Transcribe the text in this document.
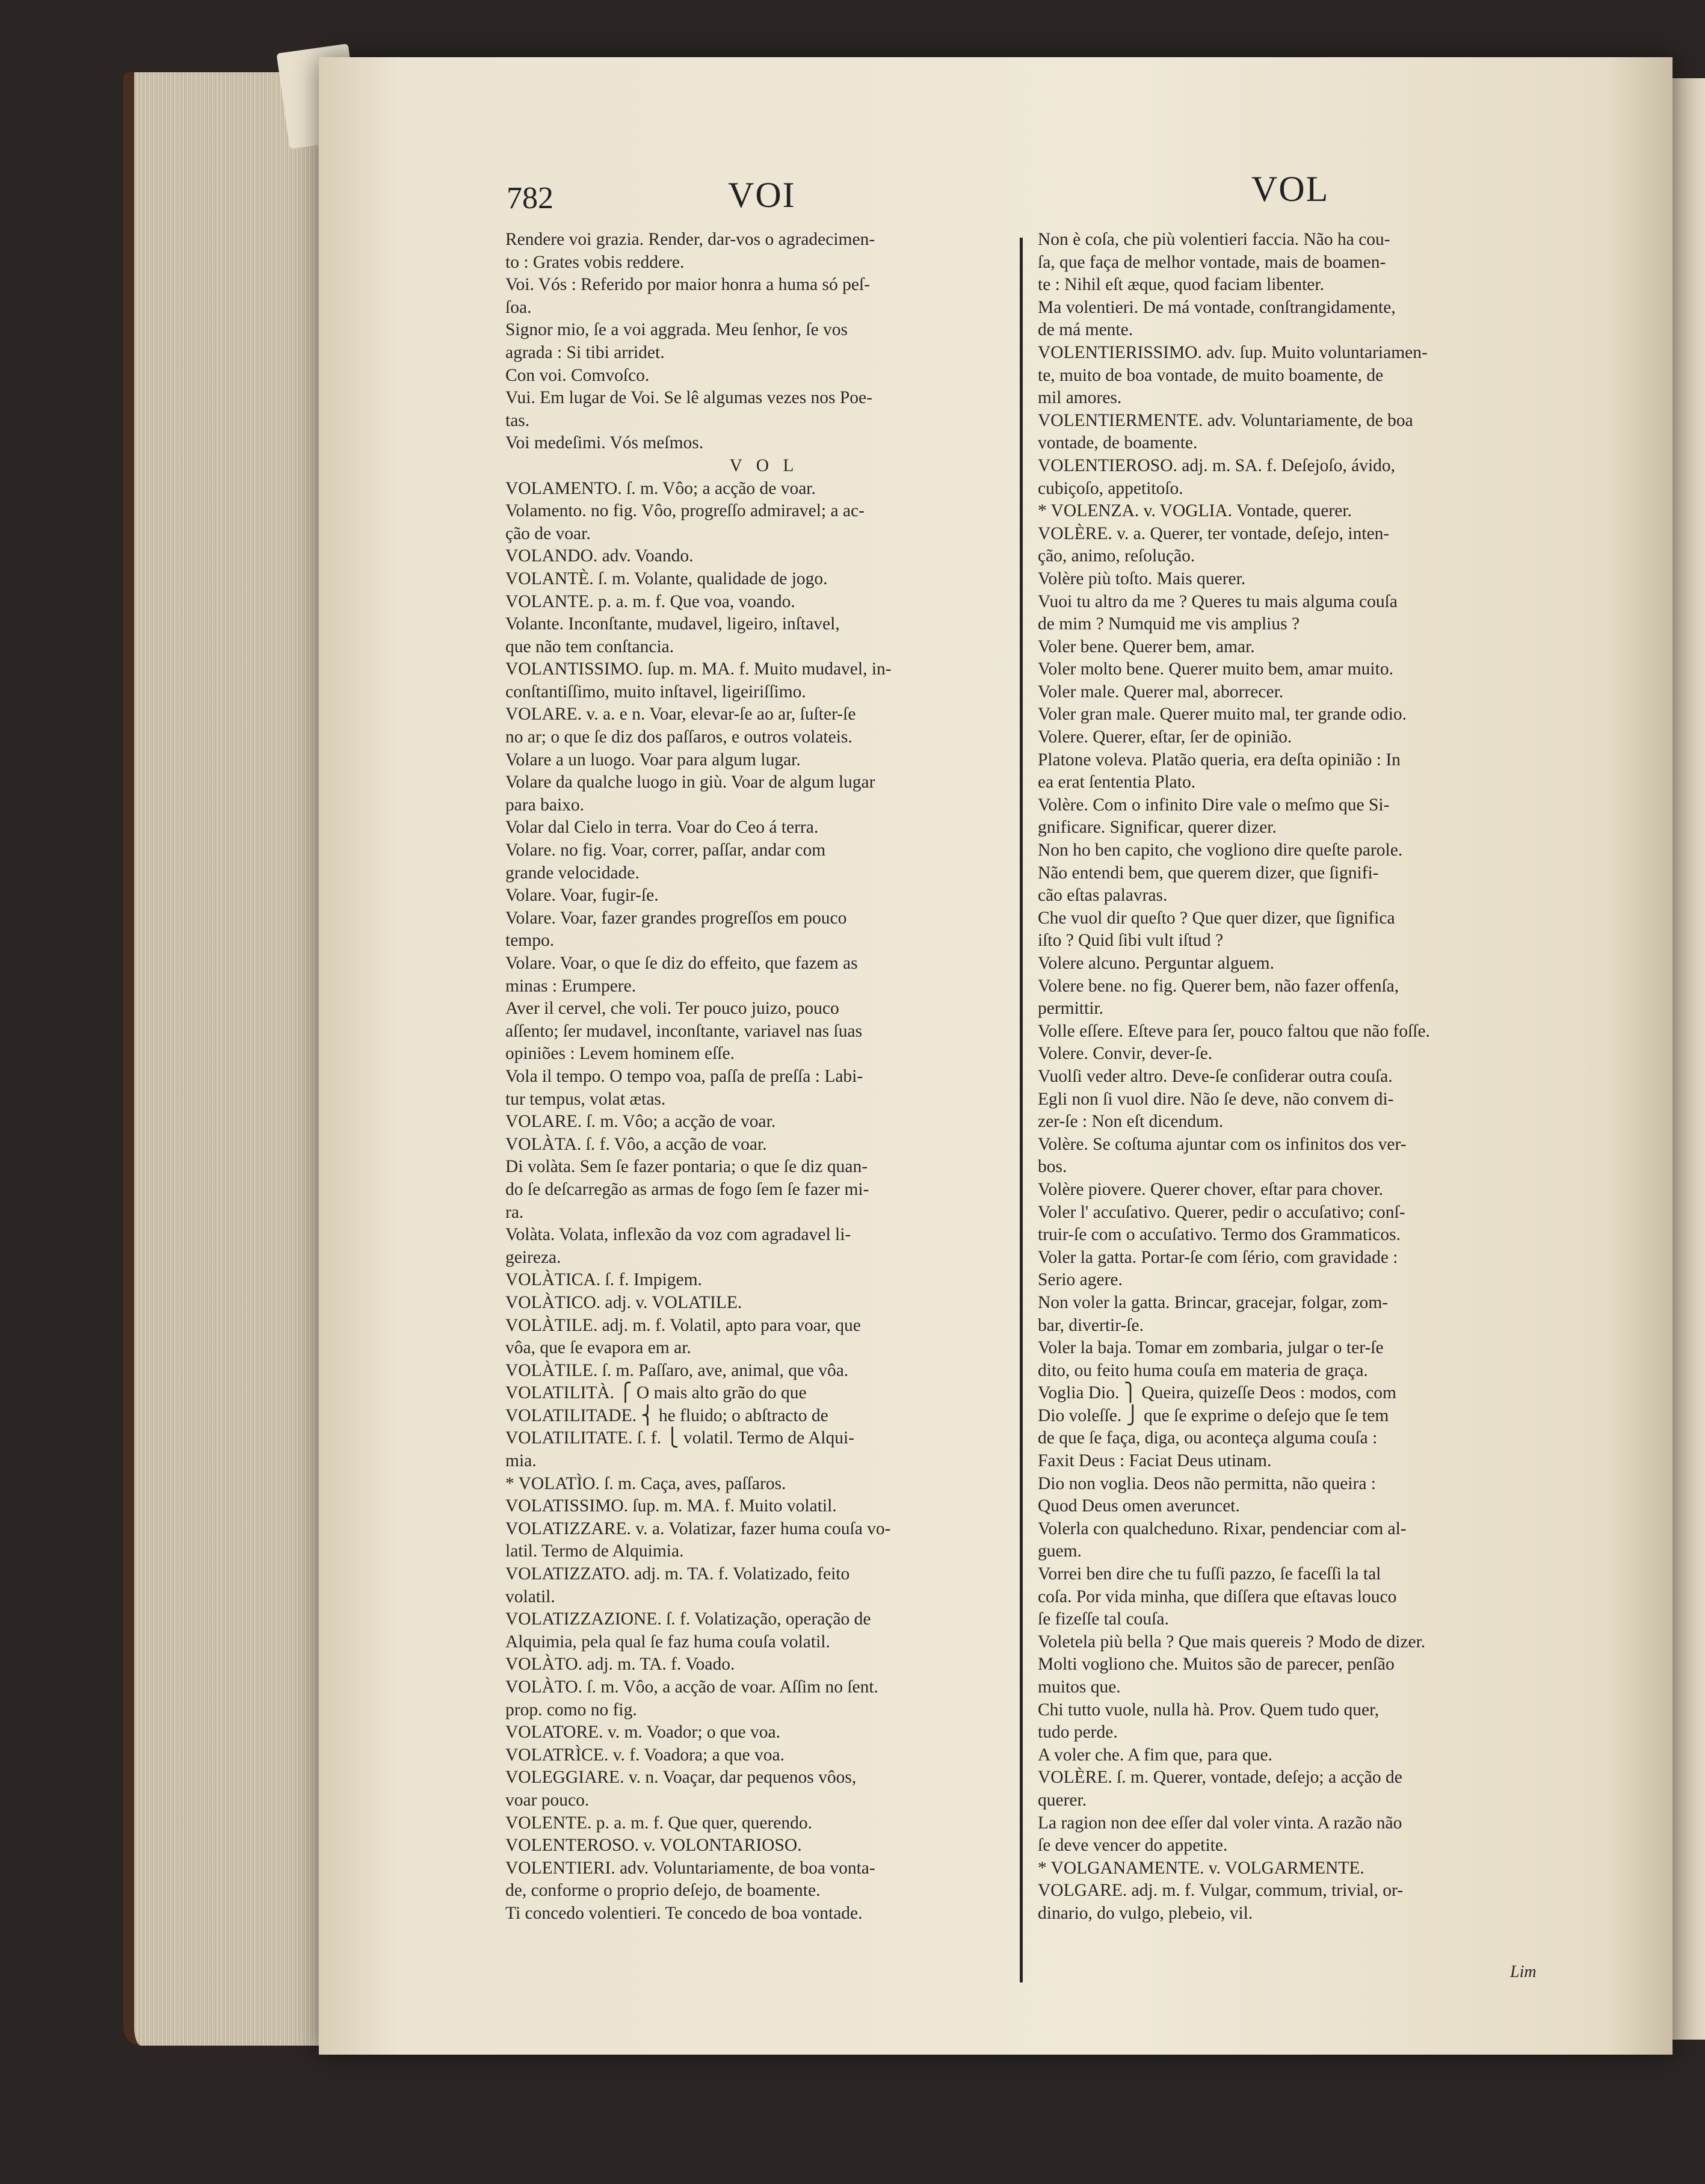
782	VOI	VOL
Rendere voi grazia. Render, dar-vos o agradecimen-
to : Grates vobis reddere.
Voi. Vós : Referido por maior honra a huma só peſ-
ſoa.
Signor mio, ſe a voi aggrada. Meu ſenhor, ſe vos
agrada : Si tibi arridet.
Con voi. Comvoſco.
Vui. Em lugar de Voi. Se lê algumas vezes nos Poe-
tas.
Voi medeſimi. Vós meſmos.
V O L
VOLAMENTO. ſ. m. Vôo; a acção de voar.
Volamento. no fig. Vôo, progreſſo admiravel; a ac-
ção de voar.
VOLANDO. adv. Voando.
VOLANTÈ. ſ. m. Volante, qualidade de jogo.
VOLANTE. p. a. m. f. Que voa, voando.
Volante. Inconſtante, mudavel, ligeiro, inſtavel,
que não tem conſtancia.
VOLANTISSIMO. ſup. m. MA. f. Muito mudavel, in-
conſtantiſſimo, muito inſtavel, ligeiriſſimo.
VOLARE. v. a. e n. Voar, elevar-ſe ao ar, ſuſter-ſe
no ar; o que ſe diz dos paſſaros, e outros volateis.
Volare a un luogo. Voar para algum lugar.
Volare da qualche luogo in giù. Voar de algum lugar
para baixo.
Volar dal Cielo in terra. Voar do Ceo á terra.
Volare. no fig. Voar, correr, paſſar, andar com
grande velocidade.
Volare. Voar, fugir-ſe.
Volare. Voar, fazer grandes progreſſos em pouco
tempo.
Volare. Voar, o que ſe diz do effeito, que fazem as
minas : Erumpere.
Aver il cervel, che voli. Ter pouco juizo, pouco
aſſento; ſer mudavel, inconſtante, variavel nas ſuas
opiniões : Levem hominem eſſe.
Vola il tempo. O tempo voa, paſſa de preſſa : Labi-
tur tempus, volat ætas.
VOLARE. ſ. m. Vôo; a acção de voar.
VOLÀTA. ſ. f. Vôo, a acção de voar.
Di volàta. Sem ſe fazer pontaria; o que ſe diz quan-
do ſe deſcarregão as armas de fogo ſem ſe fazer mi-
ra.
Volàta. Volata, inflexão da voz com agradavel li-
geireza.
VOLÀTICA. ſ. f. Impigem.
VOLÀTICO. adj. v. VOLATILE.
VOLÀTILE. adj. m. f. Volatil, apto para voar, que
vôa, que ſe evapora em ar.
VOLÀTILE. ſ. m. Paſſaro, ave, animal, que vôa.
VOLATILITÀ. ⎧ O mais alto grão do que
VOLATILITADE. ⎨ he fluido; o abſtracto de
VOLATILITATE. ſ. f. ⎩ volatil. Termo de Alqui-
mia.
* VOLATÌO. ſ. m. Caça, aves, paſſaros.
VOLATISSIMO. ſup. m. MA. f. Muito volatil.
VOLATIZZARE. v. a. Volatizar, fazer huma couſa vo-
latil. Termo de Alquimia.
VOLATIZZATO. adj. m. TA. f. Volatizado, feito
volatil.
VOLATIZZAZIONE. ſ. f. Volatização, operação de
Alquimia, pela qual ſe faz huma couſa volatil.
VOLÀTO. adj. m. TA. f. Voado.
VOLÀTO. ſ. m. Vôo, a acção de voar. Aſſim no ſent.
prop. como no fig.
VOLATORE. v. m. Voador; o que voa.
VOLATRÌCE. v. f. Voadora; a que voa.
VOLEGGIARE. v. n. Voaçar, dar pequenos vôos,
voar pouco.
VOLENTE. p. a. m. f. Que quer, querendo.
VOLENTEROSO. v. VOLONTARIOSO.
VOLENTIERI. adv. Voluntariamente, de boa vonta-
de, conforme o proprio deſejo, de boamente.
Ti concedo volentieri. Te concedo de boa vontade.
Non è coſa, che più volentieri faccia. Não ha cou-
ſa, que faça de melhor vontade, mais de boamen-
te : Nihil eſt æque, quod faciam libenter.
Ma volentieri. De má vontade, conſtrangidamente,
de má mente.
VOLENTIERISSIMO. adv. ſup. Muito voluntariamen-
te, muito de boa vontade, de muito boamente, de
mil amores.
VOLENTIERMENTE. adv. Voluntariamente, de boa
vontade, de boamente.
VOLENTIEROSO. adj. m. SA. f. Deſejoſo, ávido,
cubiçoſo, appetitoſo.
* VOLENZA. v. VOGLIA. Vontade, querer.
VOLÈRE. v. a. Querer, ter vontade, deſejo, inten-
ção, animo, reſolução.
Volère più toſto. Mais querer.
Vuoi tu altro da me ? Queres tu mais alguma couſa
de mim ? Numquid me vis amplius ?
Voler bene. Querer bem, amar.
Voler molto bene. Querer muito bem, amar muito.
Voler male. Querer mal, aborrecer.
Voler gran male. Querer muito mal, ter grande odio.
Volere. Querer, eſtar, ſer de opinião.
Platone voleva. Platão queria, era deſta opinião : In
ea erat ſententia Plato.
Volère. Com o infinito Dire vale o meſmo que Si-
gnificare. Significar, querer dizer.
Non ho ben capito, che vogliono dire queſte parole.
Não entendi bem, que querem dizer, que ſignifi-
cão eſtas palavras.
Che vuol dir queſto ? Que quer dizer, que ſignifica
iſto ? Quid ſibi vult iſtud ?
Volere alcuno. Perguntar alguem.
Volere bene. no fig. Querer bem, não fazer offenſa,
permittir.
Volle eſſere. Eſteve para ſer, pouco faltou que não foſſe.
Volere. Convir, dever-ſe.
Vuolſi veder altro. Deve-ſe conſiderar outra couſa.
Egli non ſi vuol dire. Não ſe deve, não convem di-
zer-ſe : Non eſt dicendum.
Volère. Se coſtuma ajuntar com os infinitos dos ver-
bos.
Volère piovere. Querer chover, eſtar para chover.
Voler l' accuſativo. Querer, pedir o accuſativo; conſ-
truir-ſe com o accuſativo. Termo dos Grammaticos.
Voler la gatta. Portar-ſe com ſério, com gravidade :
Serio agere.
Non voler la gatta. Brincar, gracejar, folgar, zom-
bar, divertir-ſe.
Voler la baja. Tomar em zombaria, julgar o ter-ſe
dito, ou feito huma couſa em materia de graça.
Voglia Dio. ⎫ Queira, quizeſſe Deos : modos, com
Dio voleſſe. ⎭ que ſe exprime o deſejo que ſe tem
de que ſe faça, diga, ou aconteça alguma couſa :
Faxit Deus : Faciat Deus utinam.
Dio non voglia. Deos não permitta, não queira :
Quod Deus omen averuncet.
Volerla con qualcheduno. Rixar, pendenciar com al-
guem.
Vorrei ben dire che tu fuſſi pazzo, ſe faceſſi la tal
coſa. Por vida minha, que diſſera que eſtavas louco
ſe fizeſſe tal couſa.
Voletela più bella ? Que mais quereis ? Modo de dizer.
Molti vogliono che. Muitos são de parecer, penſão
muitos que.
Chi tutto vuole, nulla hà. Prov. Quem tudo quer,
tudo perde.
A voler che. A fim que, para que.
VOLÈRE. ſ. m. Querer, vontade, deſejo; a acção de
querer.
La ragion non dee eſſer dal voler vinta. A razão não
ſe deve vencer do appetite.
* VOLGANAMENTE. v. VOLGARMENTE.
VOLGARE. adj. m. f. Vulgar, commum, trivial, or-
dinario, do vulgo, plebeio, vil.
Lim
